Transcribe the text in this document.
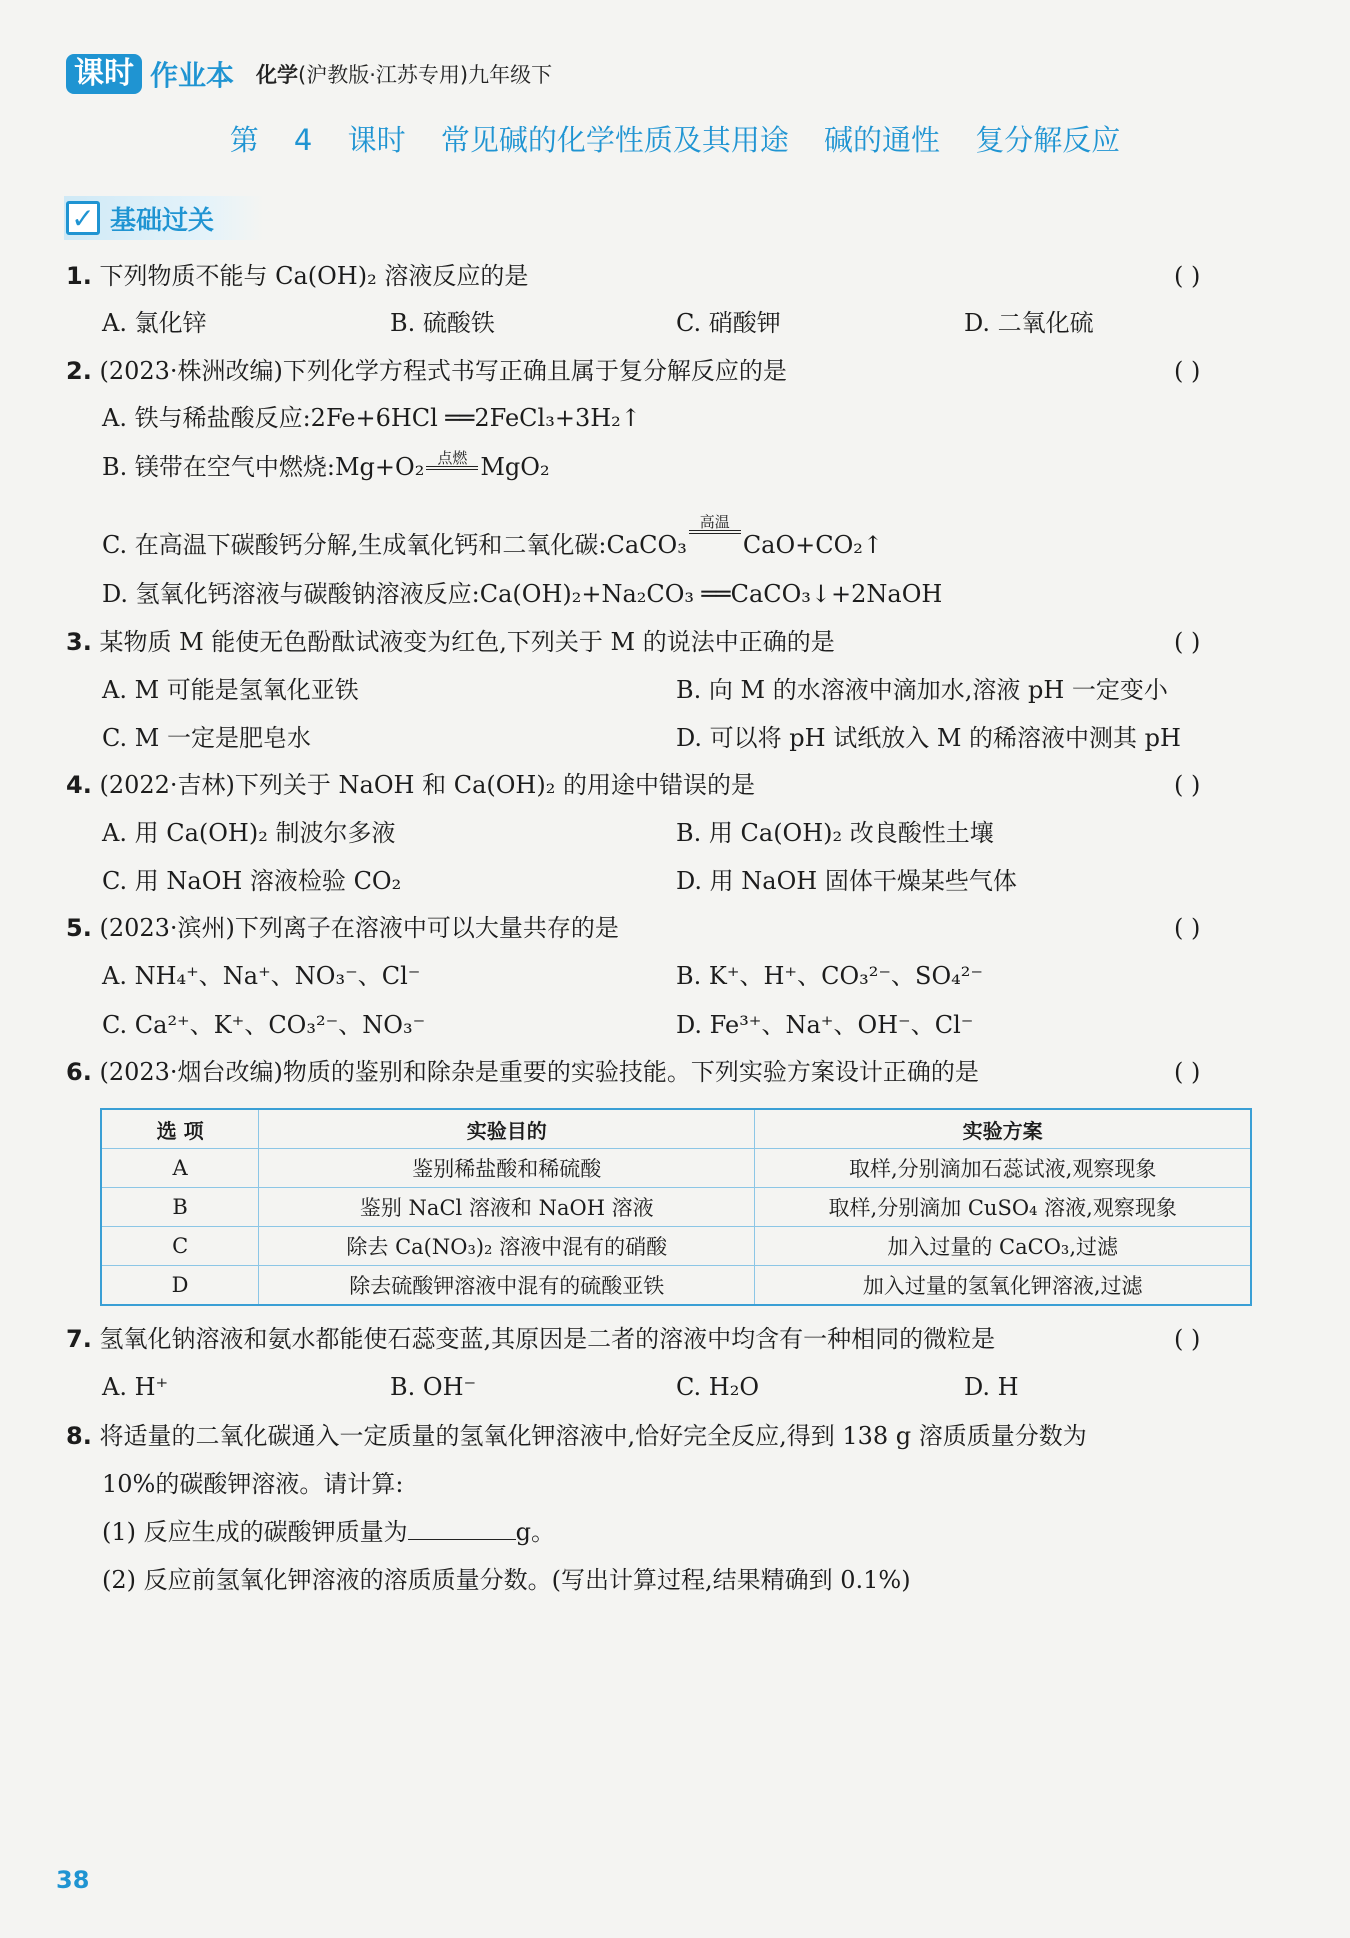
课时 作业本 化学(沪教版·江苏专用)九年级下
第 4 课时 常见碱的化学性质及其用途 碱的通性 复分解反应
✓ 基础过关
1. 下列物质不能与 Ca(OH)₂ 溶液反应的是	( )
A. 氯化锌	B. 硫酸铁	C. 硝酸钾	D. 二氧化硫
2. (2023·株洲改编)下列化学方程式书写正确且属于复分解反应的是	( )
A. 铁与稀盐酸反应:2Fe+6HCl ══2FeCl₃+3H₂↑
B. 镁带在空气中燃烧:Mg+O₂ 点燃 MgO₂
C. 在高温下碳酸钙分解,生成氧化钙和二氧化碳:CaCO₃
高温
CaO+CO₂↑
D. 氢氧化钙溶液与碳酸钠溶液反应:Ca(OH)₂+Na₂CO₃ ══CaCO₃↓+2NaOH
3. 某物质 M 能使无色酚酞试液变为红色,下列关于 M 的说法中正确的是	( )
A. M 可能是氢氧化亚铁	B. 向 M 的水溶液中滴加水,溶液 pH 一定变小
C. M 一定是肥皂水	D. 可以将 pH 试纸放入 M 的稀溶液中测其 pH
4. (2022·吉林)下列关于 NaOH 和 Ca(OH)₂ 的用途中错误的是	( )
A. 用 Ca(OH)₂ 制波尔多液	B. 用 Ca(OH)₂ 改良酸性土壤
C. 用 NaOH 溶液检验 CO₂	D. 用 NaOH 固体干燥某些气体
5. (2023·滨州)下列离子在溶液中可以大量共存的是	( )
A. NH₄⁺、Na⁺、NO₃⁻、Cl⁻	B. K⁺、H⁺、CO₃²⁻、SO₄²⁻
C. Ca²⁺、K⁺、CO₃²⁻、NO₃⁻	D. Fe³⁺、Na⁺、OH⁻、Cl⁻
6. (2023·烟台改编)物质的鉴别和除杂是重要的实验技能。下列实验方案设计正确的是	( )
选 项	实验目的	实验方案
A	鉴别稀盐酸和稀硫酸	取样,分别滴加石蕊试液,观察现象
B	鉴别 NaCl 溶液和 NaOH 溶液	取样,分别滴加 CuSO₄ 溶液,观察现象
C	除去 Ca(NO₃)₂ 溶液中混有的硝酸	加入过量的 CaCO₃,过滤
D	除去硫酸钾溶液中混有的硫酸亚铁	加入过量的氢氧化钾溶液,过滤
7. 氢氧化钠溶液和氨水都能使石蕊变蓝,其原因是二者的溶液中均含有一种相同的微粒是	( )
A. H⁺	B. OH⁻	C. H₂O	D. H
8. 将适量的二氧化碳通入一定质量的氢氧化钾溶液中,恰好完全反应,得到 138 g 溶质质量分数为
10%的碳酸钾溶液。请计算:
(1) 反应生成的碳酸钾质量为	g。
(2) 反应前氢氧化钾溶液的溶质质量分数。(写出计算过程,结果精确到 0.1%)
38
